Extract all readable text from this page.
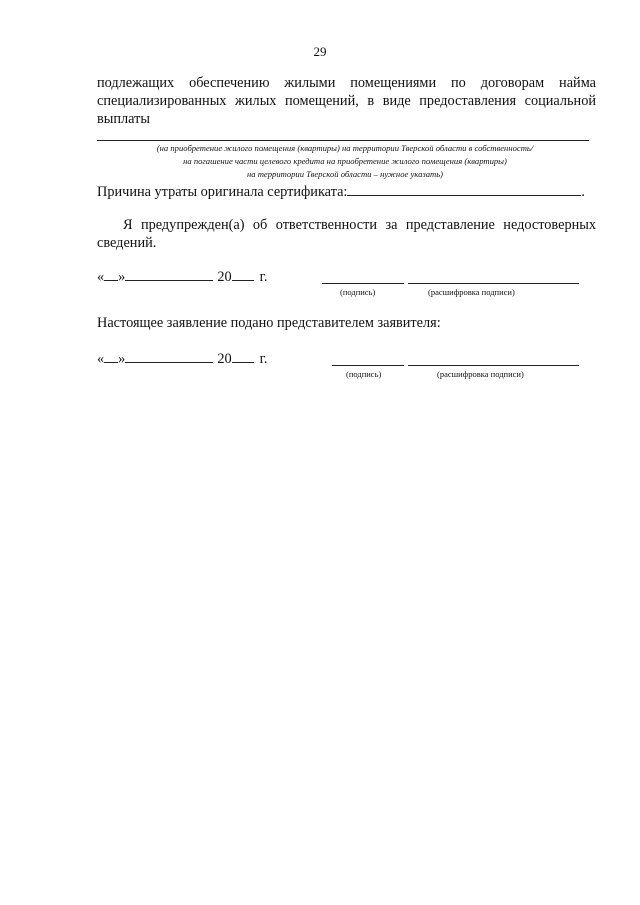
29
подлежащих обеспечению жилыми помещениями по договорам найма специализированных жилых помещений, в виде предоставления социальной выплаты
(на приобретение жилого помещения (квартиры) на территории Тверской области в собственность/
на погашение части целевого кредита на приобретение жилого помещения (квартиры)
на территории Тверской области – нужное указать)
Причина утраты оригинала сертификата:	.
Я предупрежден(а) об ответственности за представление недостоверных сведений.
« »	20 г.
(подпись)	(расшифровка подписи)
Настоящее заявление подано представителем заявителя:
« »	20 г.
(подпись)	(расшифровка подписи)
